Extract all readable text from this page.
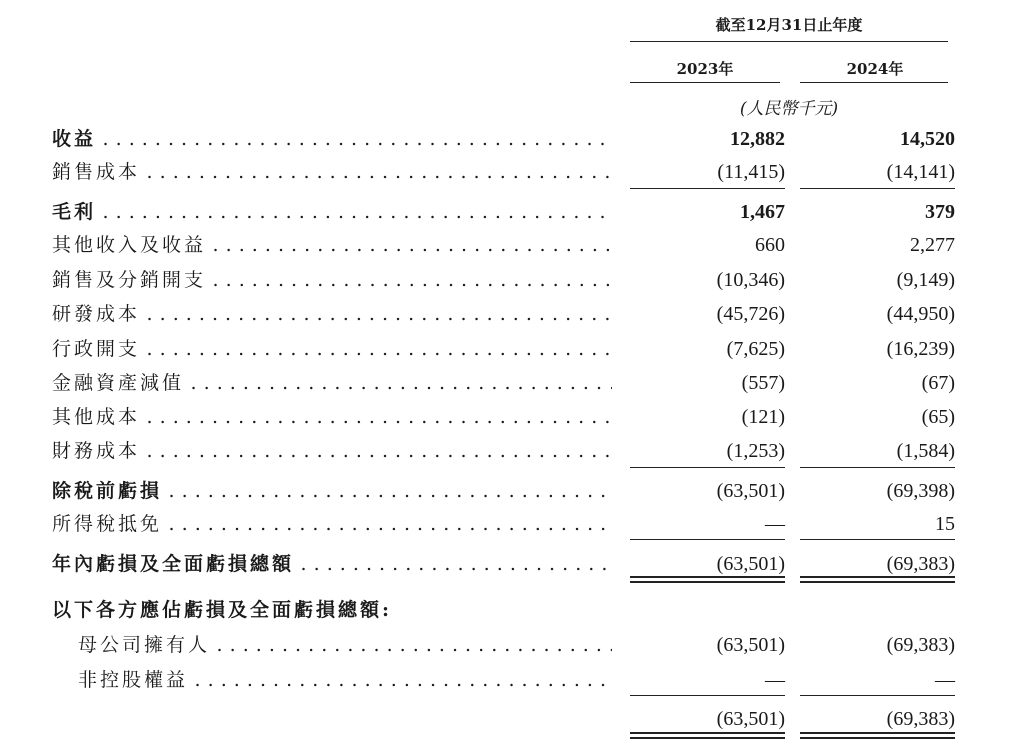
截至12月31日止年度
2023年	2024年
(人民幣千元)
收益 . . .	12,882	14,520
銷售成本 . . .	(11,415)	(14,141)
毛利 . . .	1,467	379
其他收入及收益 . . .	660	2,277
銷售及分銷開支 . . .	(10,346)	(9,149)
研發成本 . . .	(45,726)	(44,950)
行政開支 . . .	(7,625)	(16,239)
金融資產減值 . . .	(557)	(67)
其他成本 . . .	(121)	(65)
財務成本 . . .	(1,253)	(1,584)
除稅前虧損 . . .	(63,501)	(69,398)
所得稅抵免 . . .	—	15
年內虧損及全面虧損總額 . . .	(63,501)	(69,383)
以下各方應佔虧損及全面虧損總額:
母公司擁有人 . . .	(63,501)	(69,383)
非控股權益 . . .	—	—
(63,501)	(69,383)
